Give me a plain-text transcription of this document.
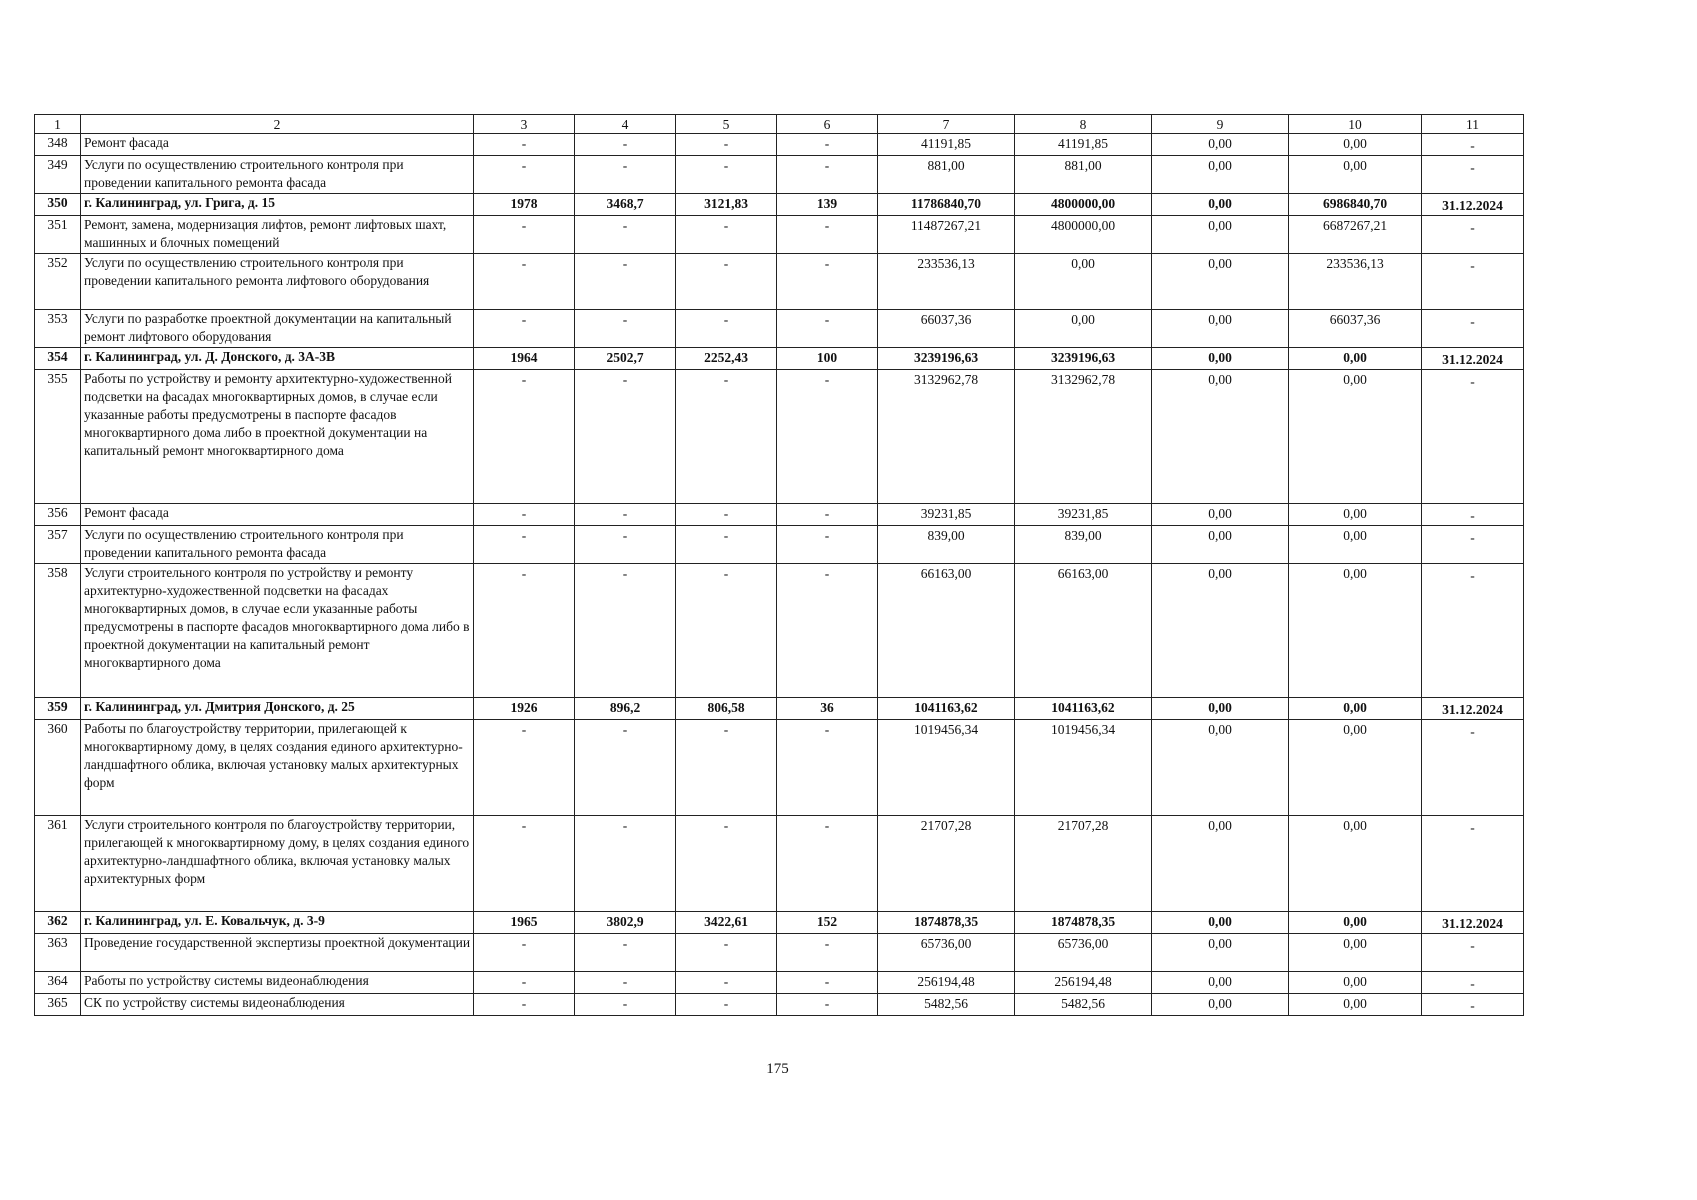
1	2	3	4	5	6	7	8	9	10	11
348	Ремонт фасада	-	-	-	-	41191,85	41191,85	0,00	0,00	-
349	Услуги по осуществлению строительного контроля при проведении капитального ремонта фасада	-	-	-	-	881,00	881,00	0,00	0,00	-
350	г. Калининград, ул. Грига, д. 15	1978	3468,7	3121,83	139	11786840,70	4800000,00	0,00	6986840,70	31.12.2024
351	Ремонт, замена, модернизация лифтов, ремонт лифтовых шахт, машинных и блочных помещений	-	-	-	-	11487267,21	4800000,00	0,00	6687267,21	-
352	Услуги по осуществлению строительного контроля при проведении капитального ремонта лифтового оборудования	-	-	-	-	233536,13	0,00	0,00	233536,13	-
353	Услуги по разработке проектной документации на капитальный ремонт лифтового оборудования	-	-	-	-	66037,36	0,00	0,00	66037,36	-
354	г. Калининград, ул. Д. Донского, д. 3А-3В	1964	2502,7	2252,43	100	3239196,63	3239196,63	0,00	0,00	31.12.2024
355	Работы по устройству и ремонту архитектурно-художественной подсветки на фасадах многоквартирных домов, в случае если указанные работы предусмотрены в паспорте фасадов многоквартирного дома либо в проектной документации на капитальный ремонт многоквартирного дома	-	-	-	-	3132962,78	3132962,78	0,00	0,00	-
356	Ремонт фасада	-	-	-	-	39231,85	39231,85	0,00	0,00	-
357	Услуги по осуществлению строительного контроля при проведении капитального ремонта фасада	-	-	-	-	839,00	839,00	0,00	0,00	-
358	Услуги строительного контроля по устройству и ремонту архитектурно-художественной подсветки на фасадах многоквартирных домов, в случае если указанные работы предусмотрены в паспорте фасадов многоквартирного дома либо в проектной документации на капитальный ремонт многоквартирного дома	-	-	-	-	66163,00	66163,00	0,00	0,00	-
359	г. Калининград, ул. Дмитрия Донского, д. 25	1926	896,2	806,58	36	1041163,62	1041163,62	0,00	0,00	31.12.2024
360	Работы по благоустройству территории, прилегающей к многоквартирному дому, в целях создания единого архитектурно-ландшафтного облика, включая установку малых архитектурных форм	-	-	-	-	1019456,34	1019456,34	0,00	0,00	-
361	Услуги строительного контроля по благоустройству территории, прилегающей к многоквартирному дому, в целях создания единого архитектурно-ландшафтного облика, включая установку малых архитектурных форм	-	-	-	-	21707,28	21707,28	0,00	0,00	-
362	г. Калининград, ул. Е. Ковальчук, д. 3-9	1965	3802,9	3422,61	152	1874878,35	1874878,35	0,00	0,00	31.12.2024
363	Проведение государственной экспертизы проектной документации	-	-	-	-	65736,00	65736,00	0,00	0,00	-
364	Работы по устройству системы видеонаблюдения	-	-	-	-	256194,48	256194,48	0,00	0,00	-
365	СК по устройству системы видеонаблюдения	-	-	-	-	5482,56	5482,56	0,00	0,00	-
175
